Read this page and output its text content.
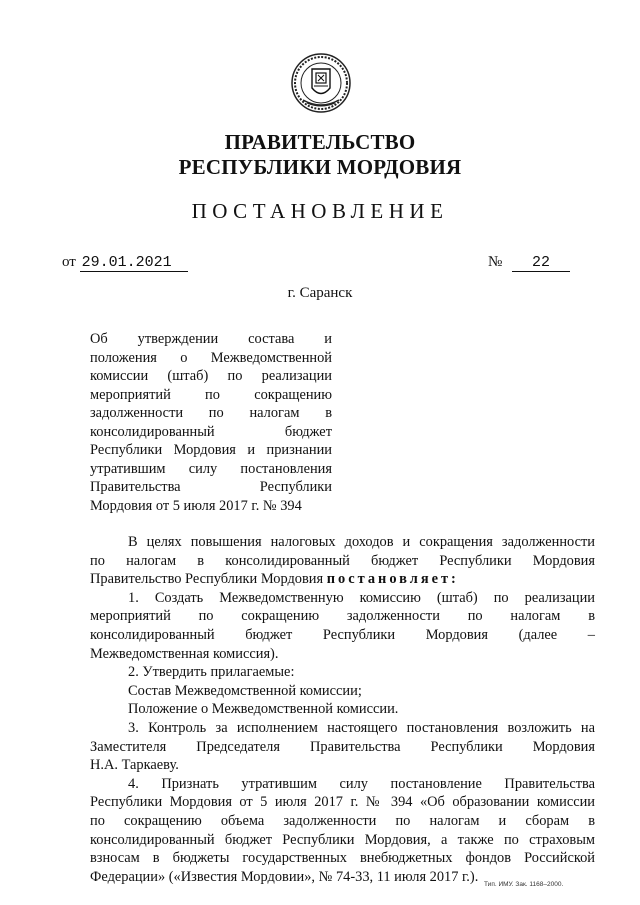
ПРАВИТЕЛЬСТВО
РЕСПУБЛИКИ МОРДОВИЯ
ПОСТАНОВЛЕНИЕ
от 29.01.2021	№ 22
г. Саранск
Об утверждении состава и
положения о Межведомственной
комиссии (штаб) по реализации
мероприятий по сокращению
задолженности по налогам в
консолидированный бюджет
Республики Мордовия и признании
утратившим силу постановления
Правительства Республики
Мордовия от 5 июля 2017 г. № 394
В целях повышения налоговых доходов и сокращения задолженности
по налогам в консолидированный бюджет Республики Мордовия
Правительство Республики Мордовия постановляет:
1. Создать Межведомственную комиссию (штаб) по реализации
мероприятий по сокращению задолженности по налогам в
консолидированный бюджет Республики Мордовия (далее –
Межведомственная комиссия).
2. Утвердить прилагаемые:
Состав Межведомственной комиссии;
Положение о Межведомственной комиссии.
3. Контроль за исполнением настоящего постановления возложить на
Заместителя Председателя Правительства Республики Мордовия
Н.А. Таркаеву.
4. Признать утратившим силу постановление Правительства
Республики Мордовия от 5 июля 2017 г. № 394 «Об образовании комиссии
по сокращению объема задолженности по налогам и сборам в
консолидированный бюджет Республики Мордовия, а также по страховым
взносам в бюджеты государственных внебюджетных фондов Российской
Федерации» («Известия Мордовии», № 74-33, 11 июля 2017 г.). Тип. ИМУ. Зак. 1168–2000.
